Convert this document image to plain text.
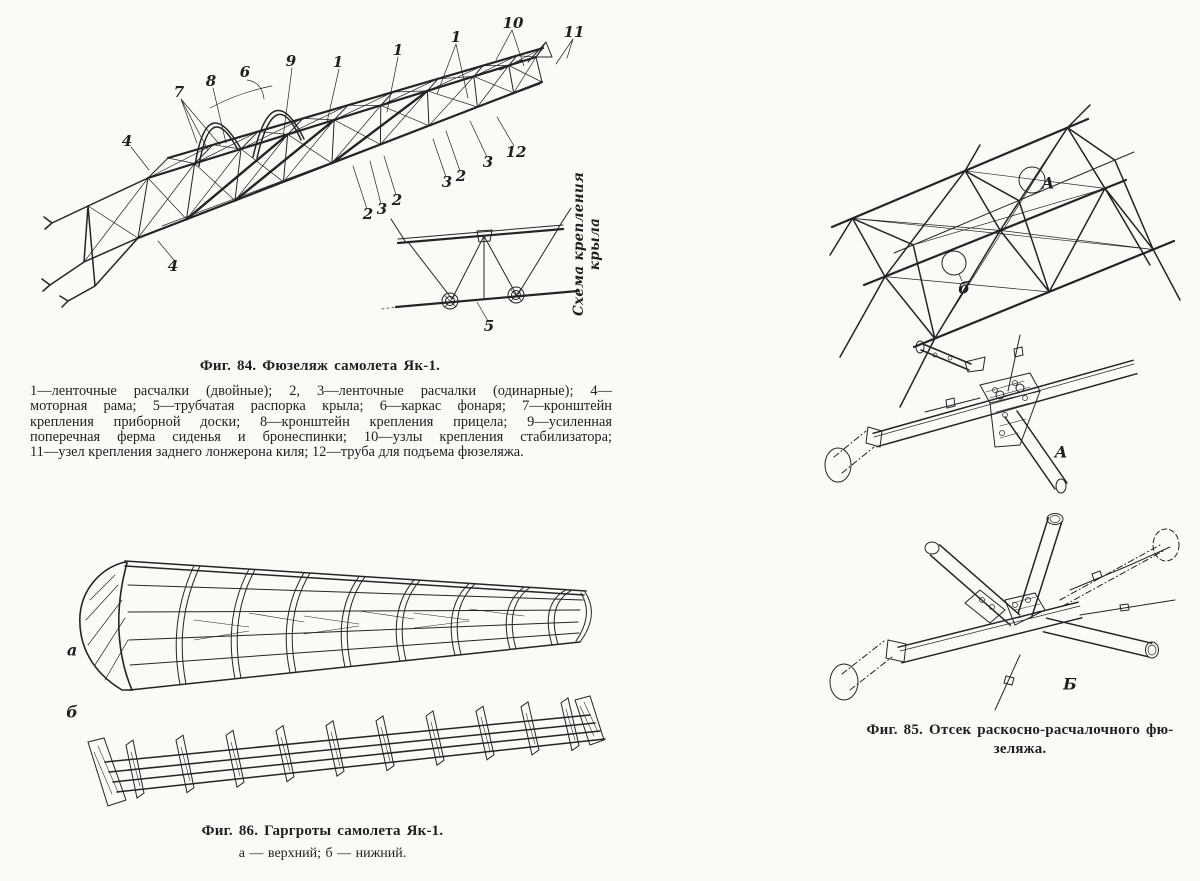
4
7
8 6
9 1
1
1
10	11
12
3
2
3
2
3
2
4
5
Схема крепления крыла
Фиг. 84. Фюзеляж самолета Як-1.
1—ленточные расчалки (двойные); 2, 3—ленточные расчалки (одинарные); 4—
моторная рама; 5—трубчатая распорка крыла; 6—каркас фонаря; 7—кронштейн
крепления приборной доски; 8—кронштейн крепления прицела; 9—усиленная
поперечная ферма сиденья и бронеспинки; 10—узлы крепления стабилизатора;
11—узел крепления заднего лонжерона киля; 12—труба для подъема фюзеляжа.
А
б
А
Б
Фиг. 85. Отсек раскосно-расчалочного фю-
зеляжа.
а
б
Фиг. 86. Гаргроты самолета Як-1.
а — верхний; б — нижний.
